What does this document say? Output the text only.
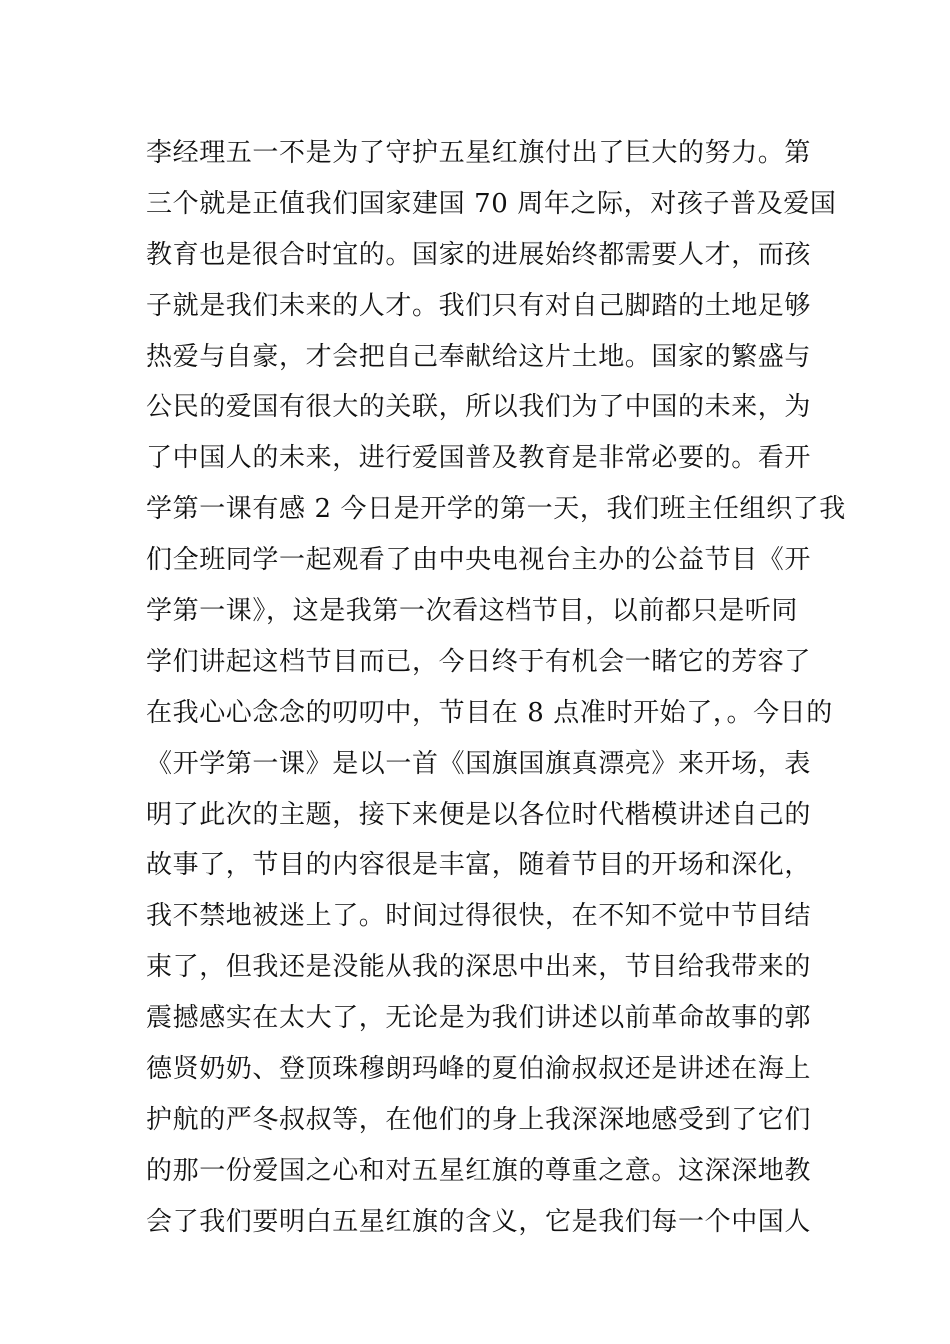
李经理五一不是为了守护五星红旗付出了巨大的努力。第
三个就是正值我们国家建国 70 周年之际，对孩子普及爱国
教育也是很合时宜的。国家的进展始终都需要人才，而孩
子就是我们未来的人才。我们只有对自己脚踏的土地足够
热爱与自豪，才会把自己奉献给这片土地。国家的繁盛与
公民的爱国有很大的关联，所以我们为了中国的未来，为
了中国人的未来，进行爱国普及教育是非常必要的。看开
学第一课有感 2 今日是开学的第一天，我们班主任组织了我
们全班同学一起观看了由中央电视台主办的公益节目《开
学第一课》，这是我第一次看这档节目，以前都只是听同
学们讲起这档节目而已，今日终于有机会一睹它的芳容了
在我心心念念的叨叨中，节目在 8 点准时开始了，。今日的
《开学第一课》是以一首《国旗国旗真漂亮》来开场，表
明了此次的主题，接下来便是以各位时代楷模讲述自己的
故事了，节目的内容很是丰富，随着节目的开场和深化，
我不禁地被迷上了。时间过得很快，在不知不觉中节目结
束了，但我还是没能从我的深思中出来，节目给我带来的
震撼感实在太大了，无论是为我们讲述以前革命故事的郭
德贤奶奶、登顶珠穆朗玛峰的夏伯渝叔叔还是讲述在海上
护航的严冬叔叔等，在他们的身上我深深地感受到了它们
的那一份爱国之心和对五星红旗的尊重之意。这深深地教
会了我们要明白五星红旗的含义，它是我们每一个中国人
